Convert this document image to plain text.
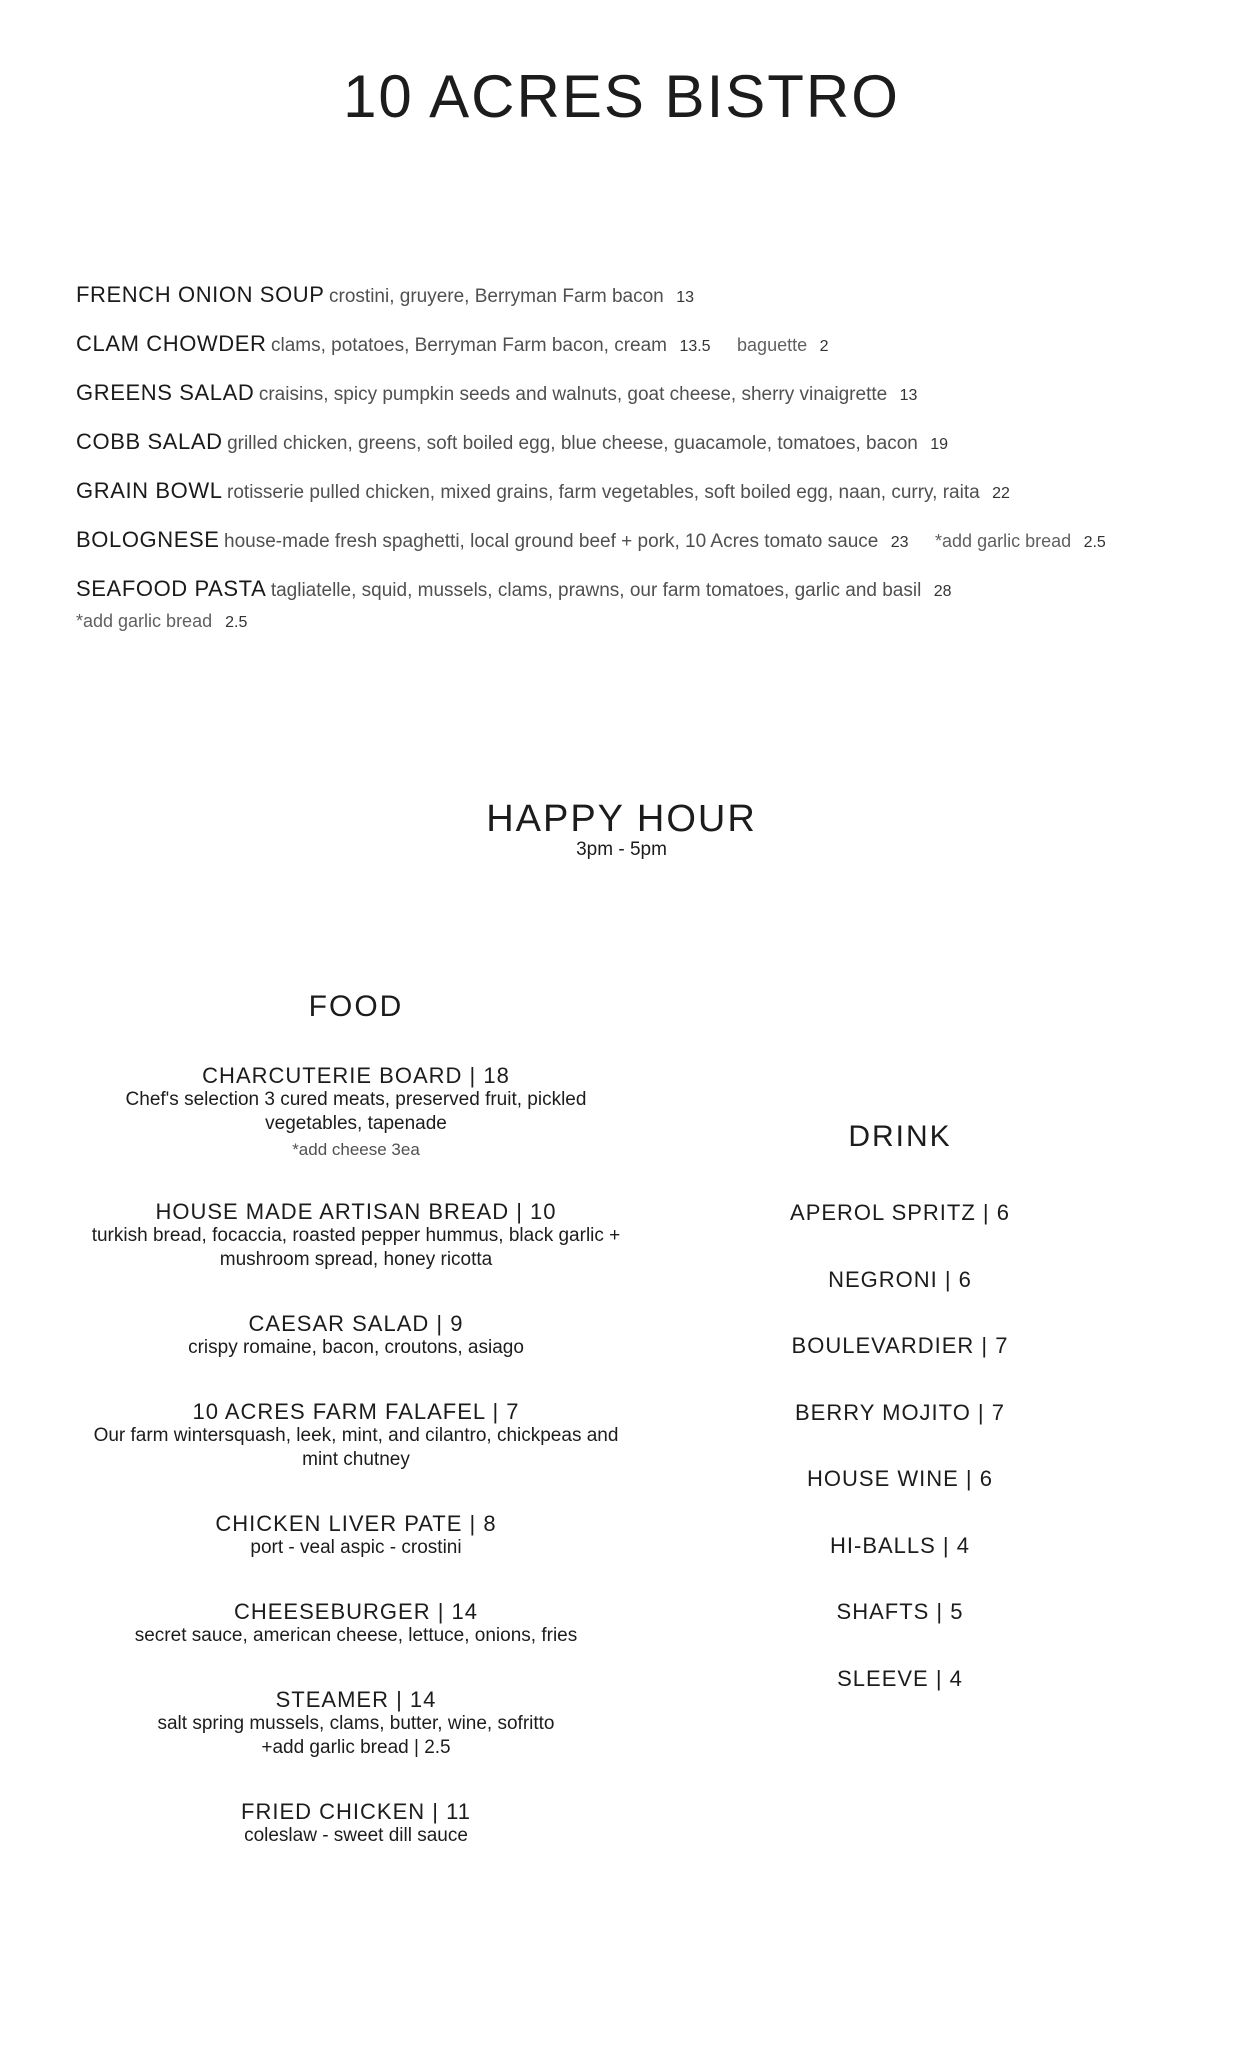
10 ACRES BISTRO
FRENCH ONION SOUP crostini, gruyere, Berryman Farm bacon 13
CLAM CHOWDER clams, potatoes, Berryman Farm bacon, cream 13.5 baguette 2
GREENS SALAD craisins, spicy pumpkin seeds and walnuts, goat cheese, sherry vinaigrette 13
COBB SALAD grilled chicken, greens, soft boiled egg, blue cheese, guacamole, tomatoes, bacon 19
GRAIN BOWL rotisserie pulled chicken, mixed grains, farm vegetables, soft boiled egg, naan, curry, raita 22
BOLOGNESE house-made fresh spaghetti, local ground beef + pork, 10 Acres tomato sauce 23 *add garlic bread 2.5
SEAFOOD PASTA tagliatelle, squid, mussels, clams, prawns, our farm tomatoes, garlic and basil 28
*add garlic bread 2.5
HAPPY HOUR
3pm - 5pm
FOOD
CHARCUTERIE BOARD | 18
Chef's selection 3 cured meats, preserved fruit, pickled vegetables, tapenade
*add cheese 3ea
HOUSE MADE ARTISAN BREAD | 10
turkish bread, focaccia, roasted pepper hummus, black garlic + mushroom spread, honey ricotta
CAESAR SALAD | 9
crispy romaine, bacon, croutons, asiago
10 ACRES FARM FALAFEL | 7
Our farm wintersquash, leek, mint, and cilantro, chickpeas and mint chutney
CHICKEN LIVER PATE | 8
port - veal aspic - crostini
CHEESEBURGER | 14
secret sauce, american cheese, lettuce, onions, fries
STEAMER | 14
salt spring mussels, clams, butter, wine, sofritto +add garlic bread | 2.5
FRIED CHICKEN | 11
coleslaw - sweet dill sauce
DRINK
APEROL SPRITZ | 6
NEGRONI | 6
BOULEVARDIER | 7
BERRY MOJITO | 7
HOUSE WINE | 6
HI-BALLS | 4
SHAFTS | 5
SLEEVE | 4
